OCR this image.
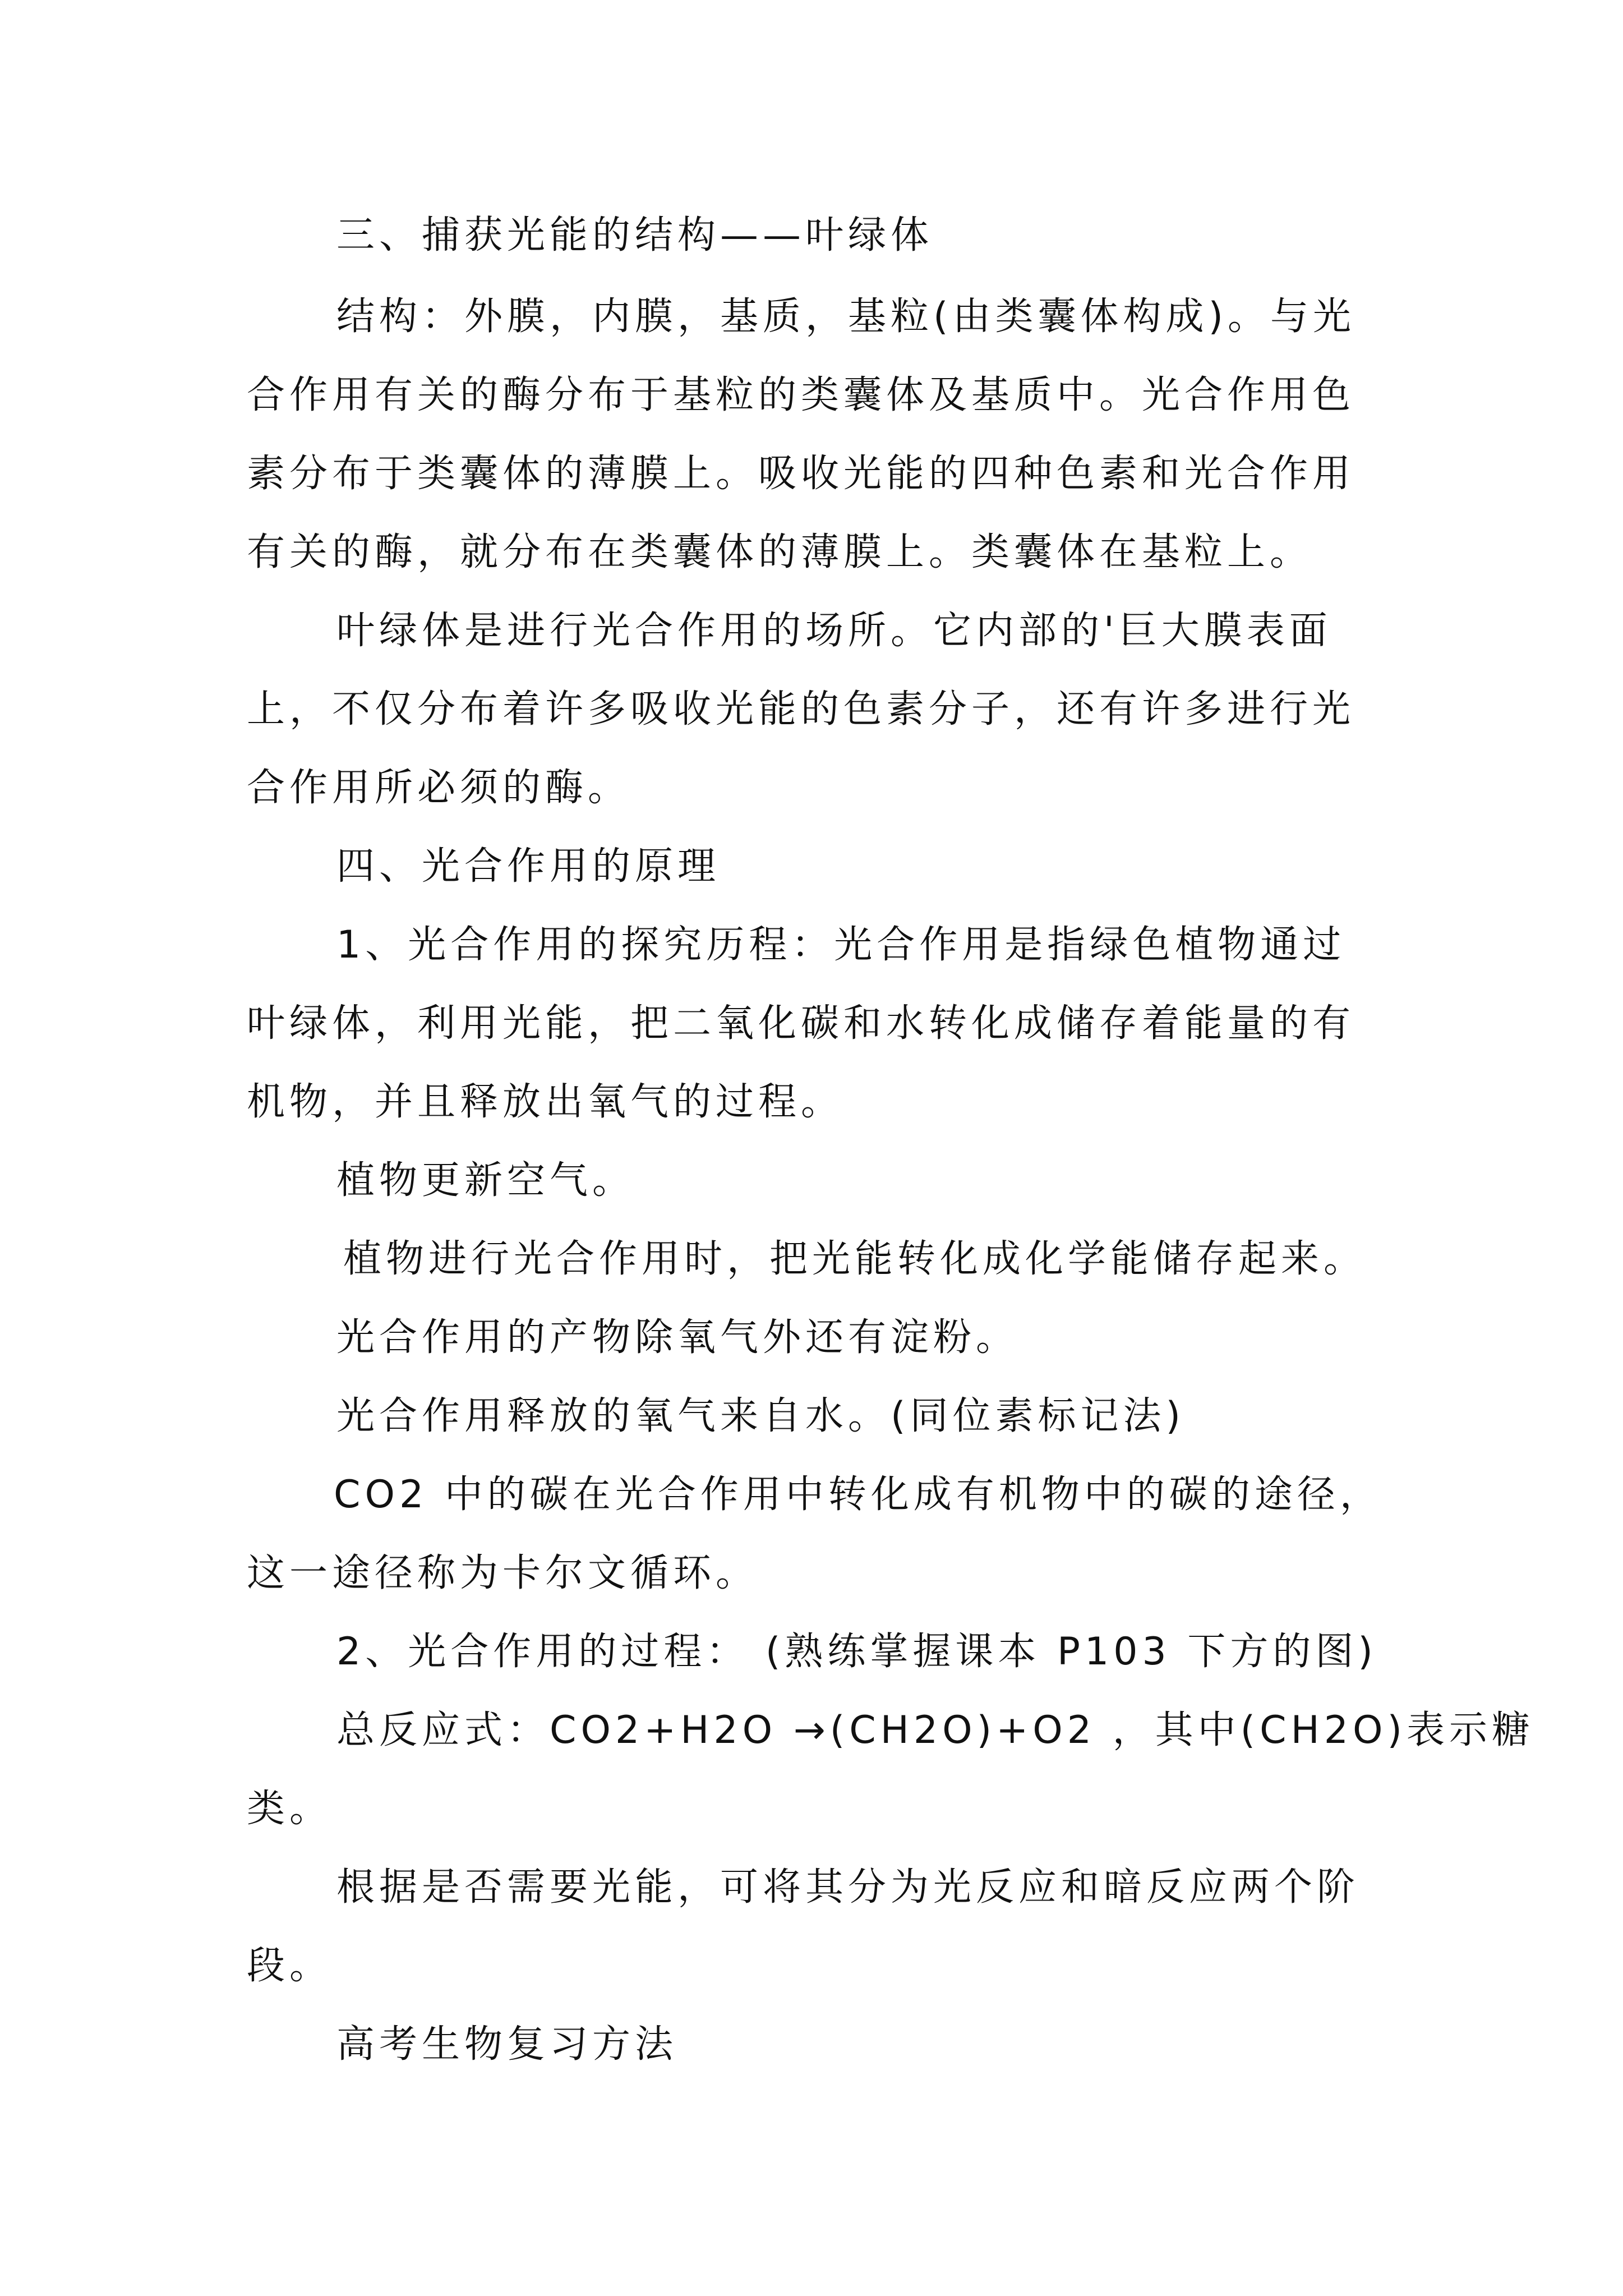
三、捕获光能的结构——叶绿体
结构：外膜，内膜，基质，基粒(由类囊体构成)。与光
合作用有关的酶分布于基粒的类囊体及基质中。光合作用色
素分布于类囊体的薄膜上。吸收光能的四种色素和光合作用
有关的酶，就分布在类囊体的薄膜上。类囊体在基粒上。
叶绿体是进行光合作用的场所。它内部的'巨大膜表面
上，不仅分布着许多吸收光能的色素分子，还有许多进行光
合作用所必须的酶。
四、光合作用的原理
1、光合作用的探究历程：光合作用是指绿色植物通过
叶绿体，利用光能，把二氧化碳和水转化成储存着能量的有
机物，并且释放出氧气的过程。
植物更新空气。
植物进行光合作用时，把光能转化成化学能储存起来。
光合作用的产物除氧气外还有淀粉。
光合作用释放的氧气来自水。(同位素标记法)
CO2 中的碳在光合作用中转化成有机物中的碳的途径，
这一途径称为卡尔文循环。
2、光合作用的过程： (熟练掌握课本 P103 下方的图)
总反应式：CO2+H2O →(CH2O)+O2 ，其中(CH2O)表示糖
类。
根据是否需要光能，可将其分为光反应和暗反应两个阶
段。
高考生物复习方法
